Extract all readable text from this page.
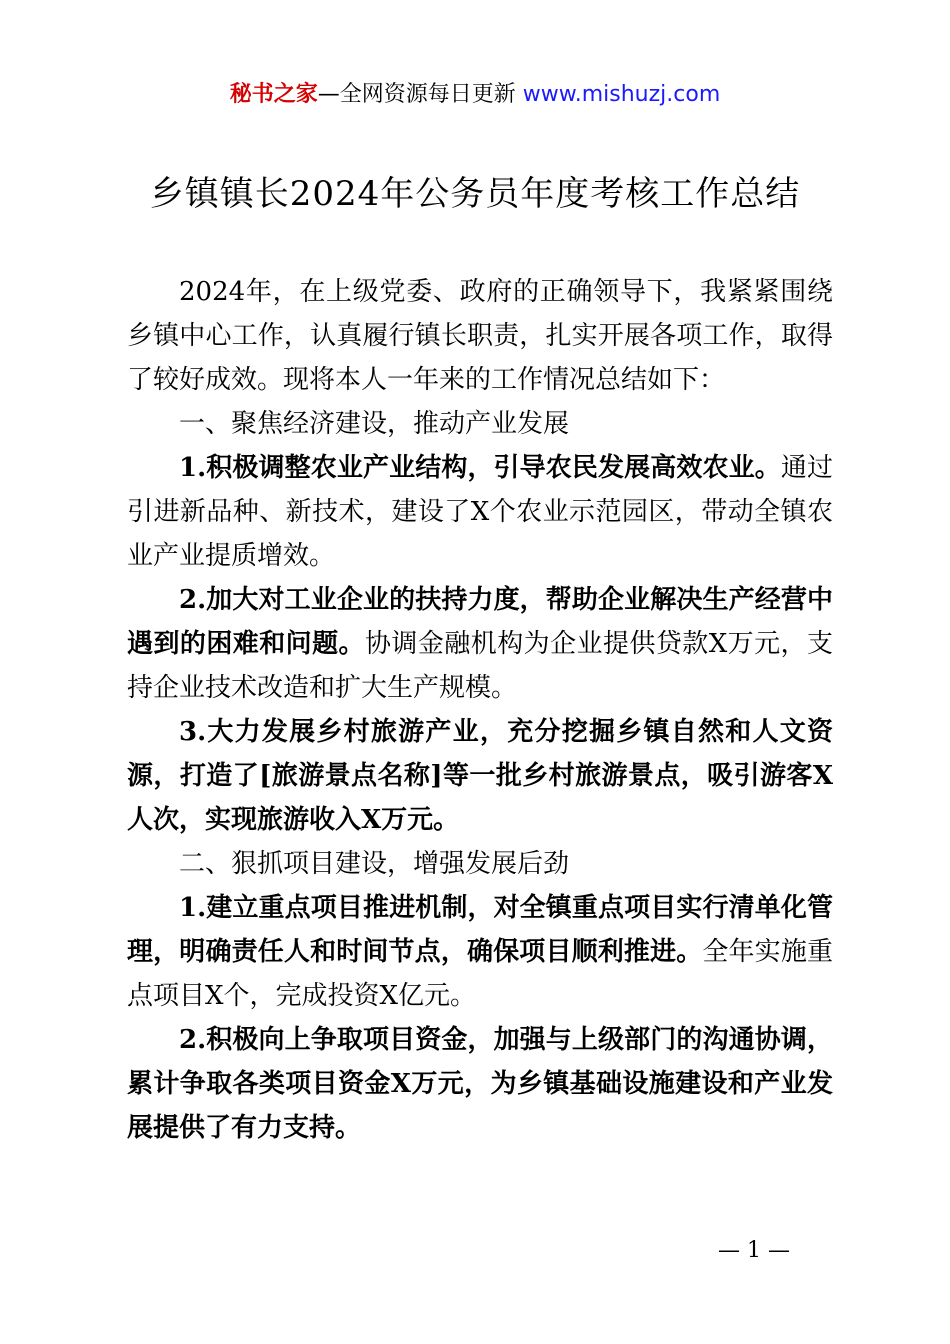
秘书之家—全网资源每日更新 www.mishuzj.com
乡镇镇长2024年公务员年度考核工作总结

2024年，在上级党委、政府的正确领导下，我紧紧围绕乡镇中心工作，认真履行镇长职责，扎实开展各项工作，取得了较好成效。现将本人一年来的工作情况总结如下：

一、聚焦经济建设，推动产业发展

1.积极调整农业产业结构，引导农民发展高效农业。通过引进新品种、新技术，建设了X个农业示范园区，带动全镇农业产业提质增效。

2.加大对工业企业的扶持力度，帮助企业解决生产经营中遇到的困难和问题。协调金融机构为企业提供贷款X万元，支持企业技术改造和扩大生产规模。

3.大力发展乡村旅游产业，充分挖掘乡镇自然和人文资源，打造了[旅游景点名称]等一批乡村旅游景点，吸引游客X人次，实现旅游收入X万元。

二、狠抓项目建设，增强发展后劲

1.建立重点项目推进机制，对全镇重点项目实行清单化管理，明确责任人和时间节点，确保项目顺利推进。全年实施重点项目X个，完成投资X亿元。

2.积极向上争取项目资金，加强与上级部门的沟通协调，累计争取各类项目资金X万元，为乡镇基础设施建设和产业发展提供了有力支持。

— 1 —
